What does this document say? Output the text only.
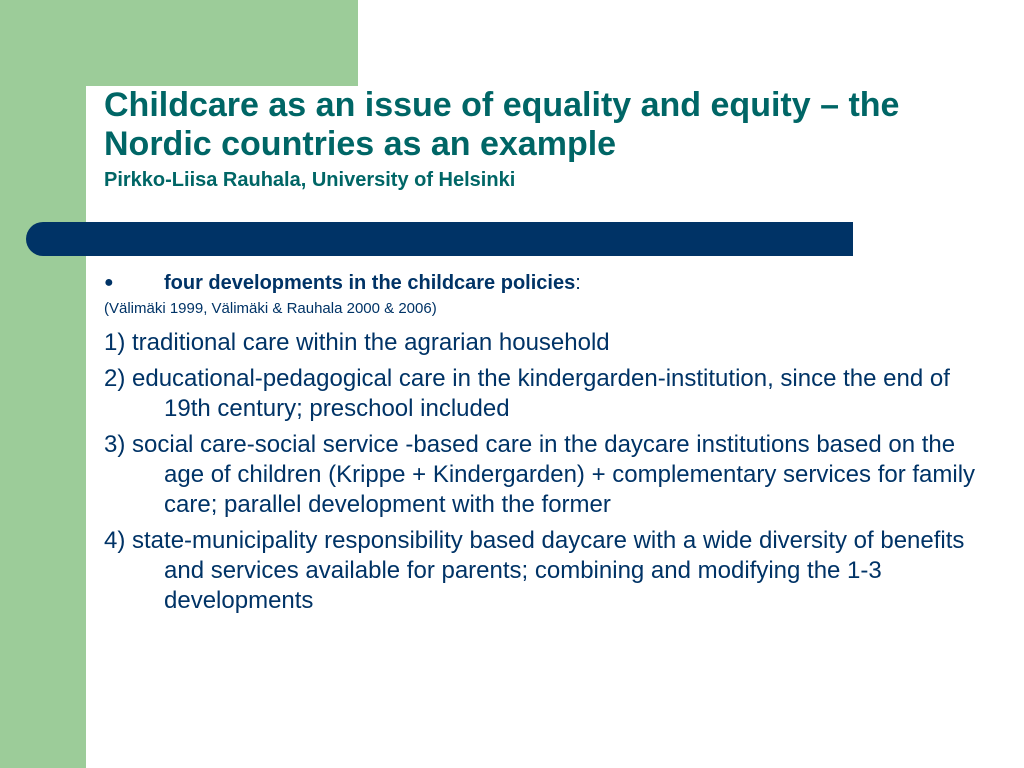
Childcare as an issue of equality and equity – the Nordic countries as an example
Pirkko-Liisa Rauhala, University of Helsinki
●	four developments in the childcare policies:
(Välimäki 1999, Välimäki & Rauhala 2000 & 2006)
1) traditional care within the agrarian household
2) educational-pedagogical care in the kindergarden-institution, since the end of 19th century; preschool included
3) social care-social service -based care in the daycare institutions based on the age of children (Krippe + Kindergarden) + complementary services for family care; parallel development with the former
4) state-municipality responsibility based daycare with a wide diversity of benefits and services available for parents; combining and modifying the 1-3 developments
